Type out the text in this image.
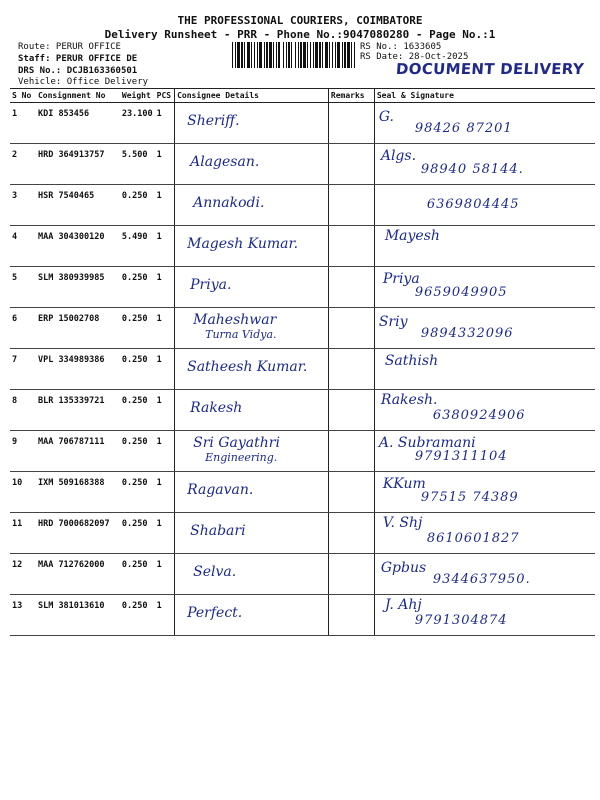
THE PROFESSIONAL COURIERS, COIMBATORE
Delivery Runsheet - PRR - Phone No.:9047080280 - Page No.:1
Route: PERUR OFFICE
Staff: PERUR OFFICE DE
DRS No.: DCJB163360501
Vehicle: Office Delivery
RS No.: 1633605
RS Date: 28-Oct-2025
DOCUMENT DELIVERY
S No	Consignment No	Weight	PCS	Consignee Details	Remarks	Seal & Signature
1	KDI 853456	23.100	1	Sheriff.		G.
98426 87201

2	HRD 364913757	5.500	1	Alagesan.		Algs.
98940 58144.

3	HSR 7540465	0.250	1	Annakodi.		6369804445

4	MAA 304300120	5.490	1	Magesh Kumar.		Mayesh

5	SLM 380939985	0.250	1	Priya.		Priya
9659049905

6	ERP 15002708	0.250	1	Maheshwar
Turna Vidya.		Sriy
9894332096

7	VPL 334989386	0.250	1	Satheesh Kumar.		Sathish

8	BLR 135339721	0.250	1	Rakesh		Rakesh.
6380924906

9	MAA 706787111	0.250	1	Sri Gayathri
Engineering.		A. Subramani
9791311104

10	IXM 509168388	0.250	1	Ragavan.		KKum
97515 74389

11	HRD 7000682097	0.250	1	Shabari		V. Shj
8610601827

12	MAA 712762000	0.250	1	Selva.		Gpbus
9344637950.

13	SLM 381013610	0.250	1	Perfect.		J. Ahj
9791304874
